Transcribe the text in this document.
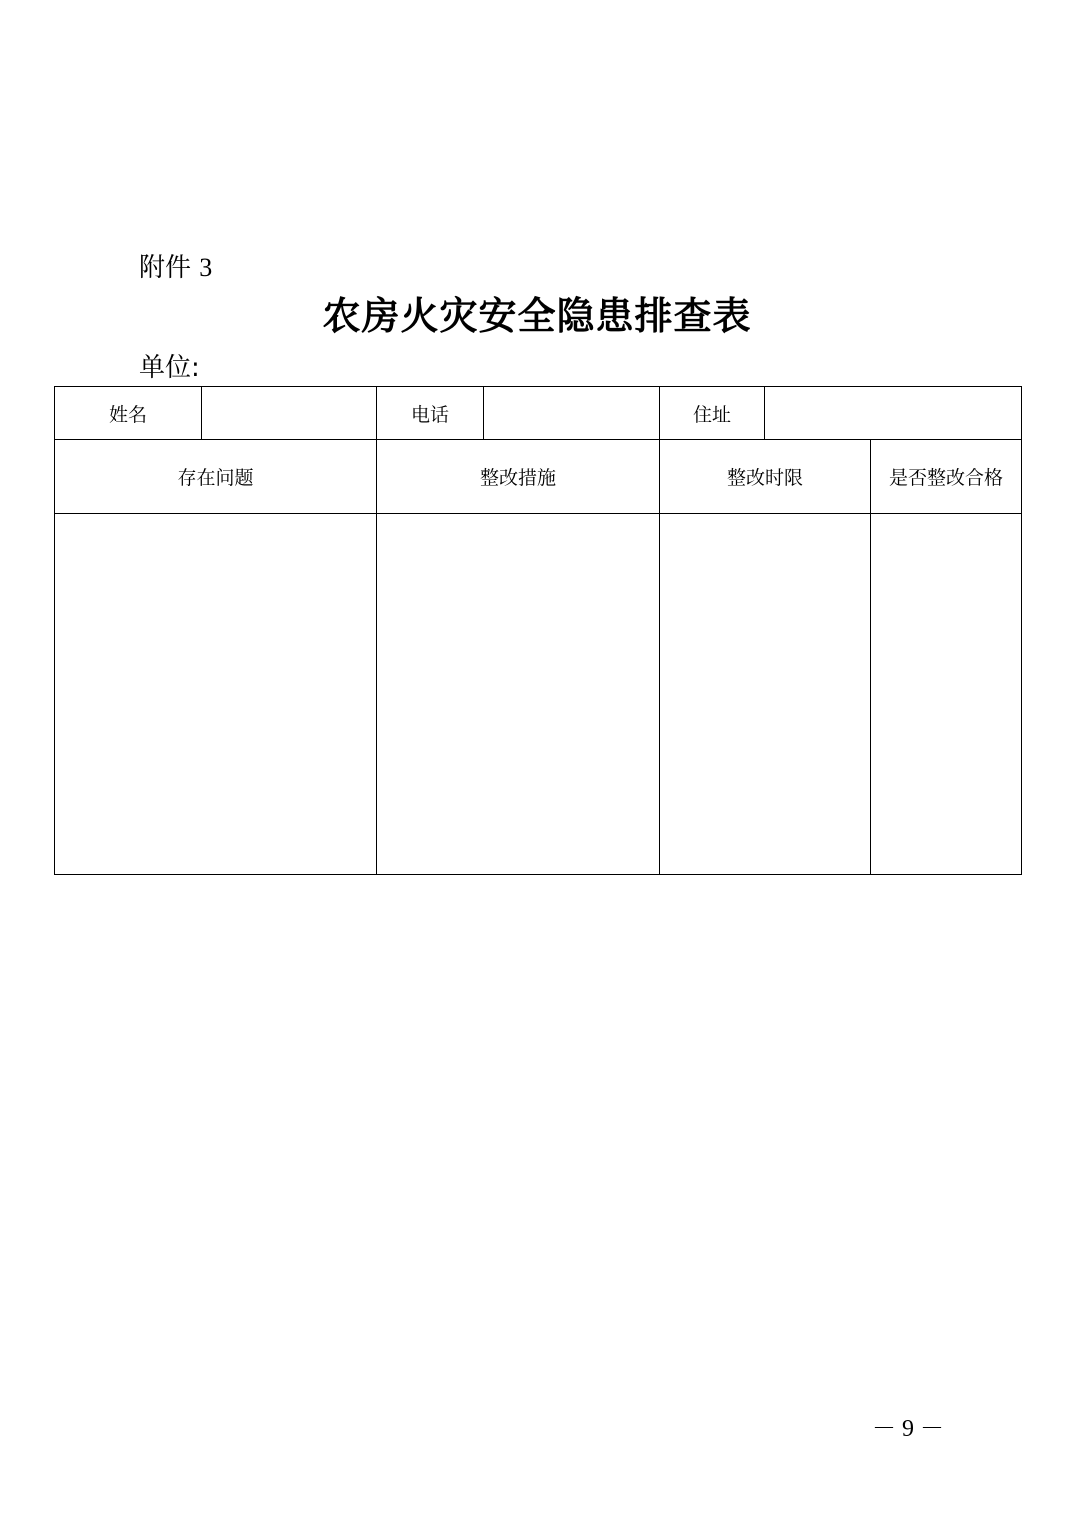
附件 3
农房火灾安全隐患排查表
单位:
姓名		电话		住址		
存在问题		整改措施		整改时限		是否整改合格

－ 9 －
